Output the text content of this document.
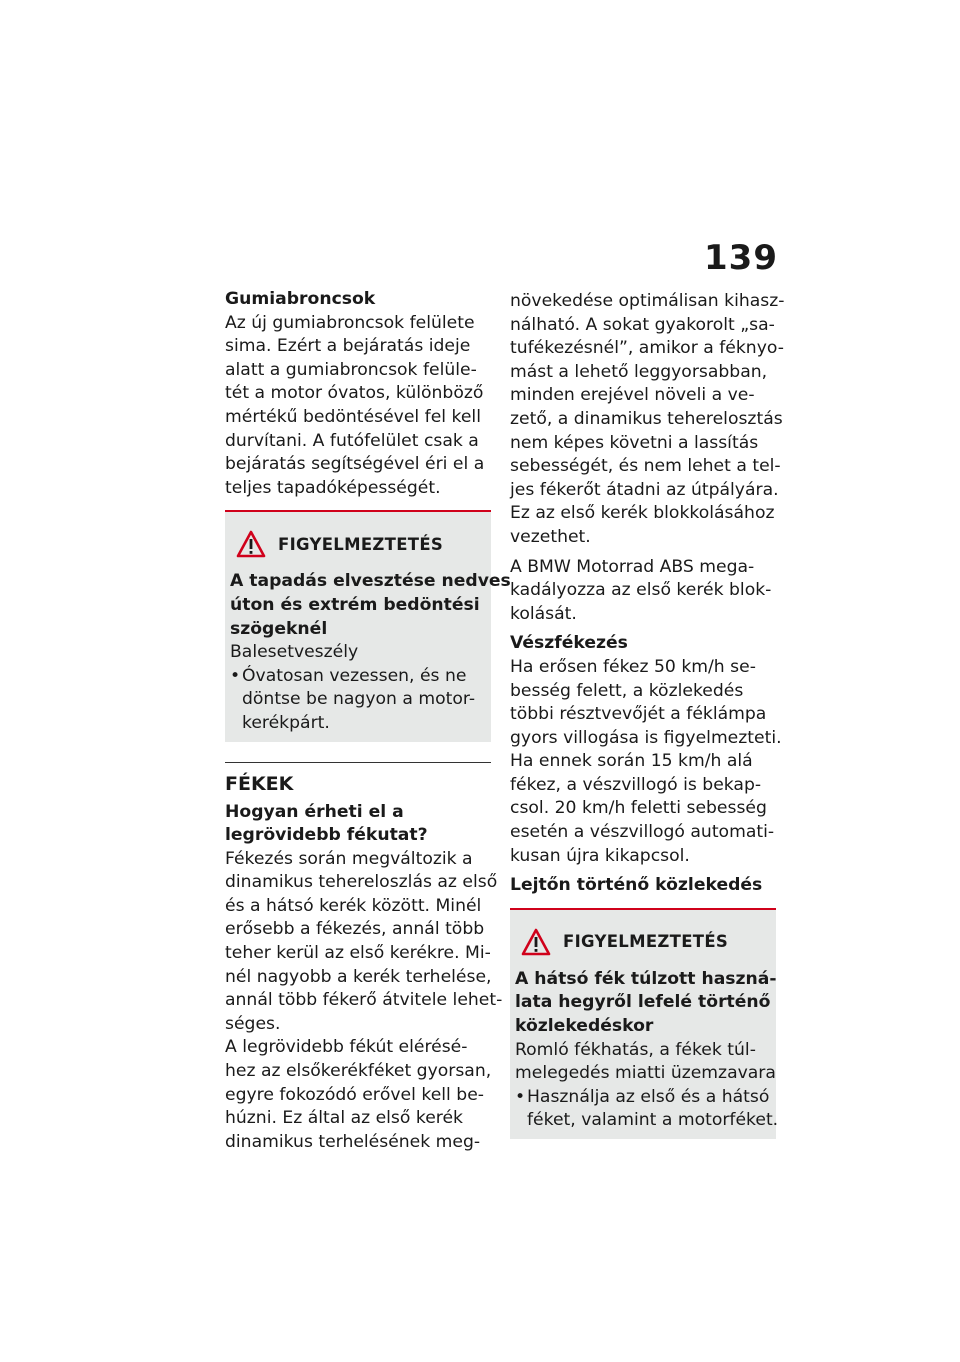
139
Gumiabroncsok
Az új gumiabroncsok felülete
sima. Ezért a bejáratás ideje
alatt a gumiabroncsok felüle-
tét a motor óvatos, különböző
mértékű bedöntésével fel kell
durvítani. A futófelület csak a
bejáratás segítségével éri el a
teljes tapadóképességét.
FIGYELMEZTETÉS
A tapadás elvesztése nedves
úton és extrém bedöntési
szögeknél
Balesetveszély
• Óvatosan vezessen, és ne
döntse be nagyon a motor-
kerékpárt.
FÉKEK
Hogyan érheti el a
legrövidebb fékutat?
Fékezés során megváltozik a
dinamikus tehereloszlás az első
és a hátsó kerék között. Minél
erősebb a fékezés, annál több
teher kerül az első kerékre. Mi-
nél nagyobb a kerék terhelése,
annál több fékerő átvitele lehet-
séges.
A legrövidebb fékút elérésé-
hez az elsőkerékféket gyorsan,
egyre fokozódó erővel kell be-
húzni. Ez által az első kerék
dinamikus terhelésének meg-
növekedése optimálisan kihasz-
nálható. A sokat gyakorolt „sa-
tufékezésnél”, amikor a féknyo-
mást a lehető leggyorsabban,
minden erejével növeli a ve-
zető, a dinamikus teherelosztás
nem képes követni a lassítás
sebességét, és nem lehet a tel-
jes fékerőt átadni az útpályára.
Ez az első kerék blokkolásához
vezethet.
A BMW Motorrad ABS mega-
kadályozza az első kerék blok-
kolását.
Vészfékezés
Ha erősen fékez 50 km/h se-
besség felett, a közlekedés
többi résztvevőjét a féklámpa
gyors villogása is figyelmezteti.
Ha ennek során 15 km/h alá
fékez, a vészvillogó is bekap-
csol. 20 km/h feletti sebesség
esetén a vészvillogó automati-
kusan újra kikapcsol.
Lejtőn történő közlekedés
FIGYELMEZTETÉS
A hátsó fék túlzott haszná-
lata hegyről lefelé történő
közlekedéskor
Romló fékhatás, a fékek túl-
melegedés miatti üzemzavara
• Használja az első és a hátsó
féket, valamint a motorféket.
